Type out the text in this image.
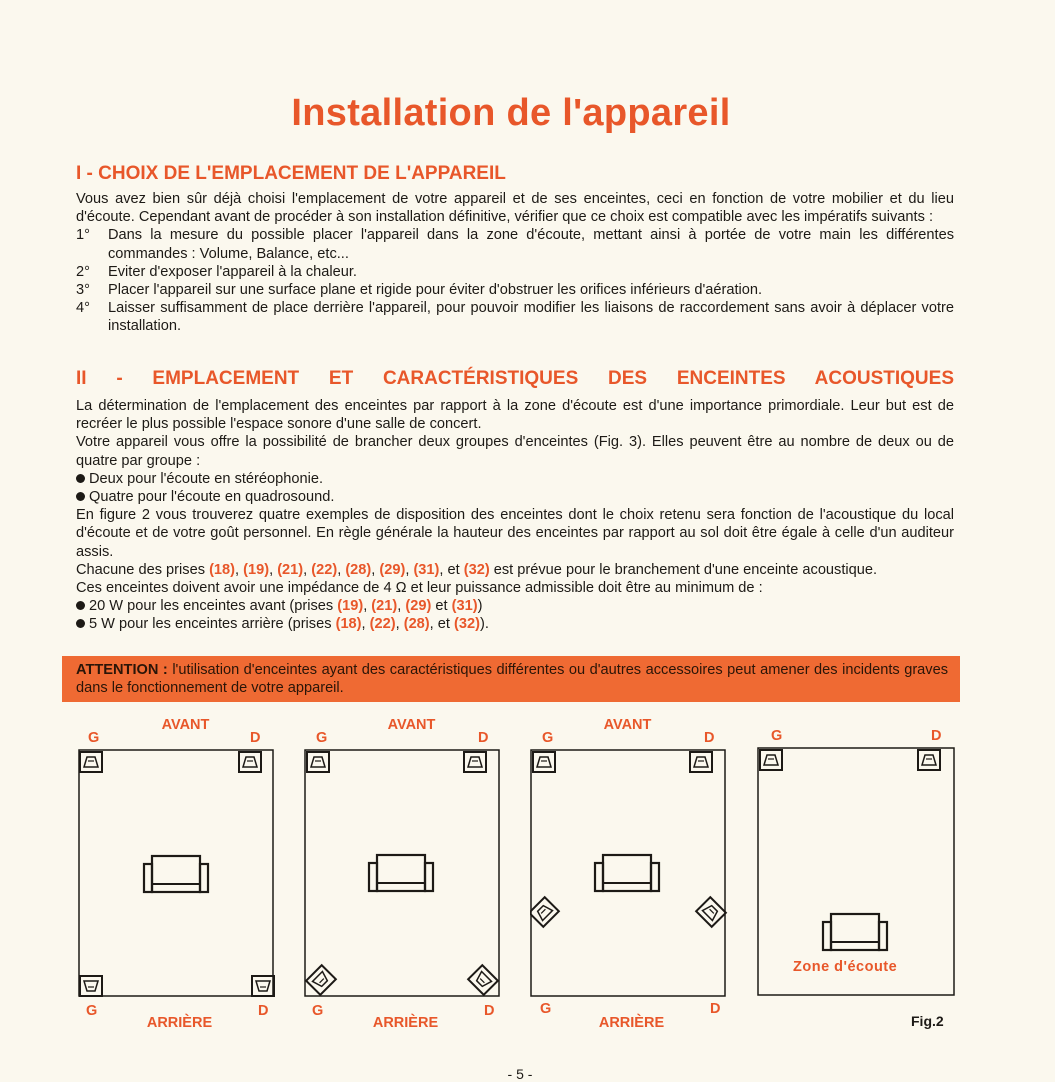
Installation de l'appareil
I - CHOIX DE L'EMPLACEMENT DE L'APPAREIL

Vous avez bien sûr déjà choisi l'emplacement de votre appareil et de ses enceintes, ceci en fonction de votre mobilier et du lieu d'écoute. Cependant avant de procéder à son installation définitive, vérifier que ce choix est compatible avec les impératifs suivants :

1°	Dans la mesure du possible placer l'appareil dans la zone d'écoute, mettant ainsi à portée de votre main les différentes commandes : Volume, Balance, etc...
2°	Eviter d'exposer l'appareil à la chaleur.
3°	Placer l'appareil sur une surface plane et rigide pour éviter d'obstruer les orifices inférieurs d'aération.
4°	Laisser suffisamment de place derrière l'appareil, pour pouvoir modifier les liaisons de raccordement sans avoir à déplacer votre installation.
II - EMPLACEMENT ET CARACTÉRISTIQUES DES ENCEINTES ACOUSTIQUES

La détermination de l'emplacement des enceintes par rapport à la zone d'écoute est d'une importance primordiale. Leur but est de recréer le plus possible l'espace sonore d'une salle de concert.

Votre appareil vous offre la possibilité de brancher deux groupes d'enceintes (Fig. 3). Elles peuvent être au nombre de deux ou de quatre par groupe :

Deux pour l'écoute en stéréophonie.

Quatre pour l'écoute en quadrosound.

En figure 2 vous trouverez quatre exemples de disposition des enceintes dont le choix retenu sera fonction de l'acoustique du local d'écoute et de votre goût personnel. En règle générale la hauteur des enceintes par rapport au sol doit être égale à celle d'un auditeur assis.

Chacune des prises (18), (19), (21), (22), (28), (29), (31), et (32) est prévue pour le branchement d'une enceinte acoustique.

Ces enceintes doivent avoir une impédance de 4 Ω et leur puissance admissible doit être au minimum de :

20 W pour les enceintes avant (prises (19), (21), (29) et (31))

5 W pour les enceintes arrière (prises (18), (22), (28), et (32)).

ATTENTION : l'utilisation d'enceintes ayant des caractéristiques différentes ou d'autres accessoires peut amener des incidents graves dans le fonctionnement de votre appareil.
AVANT
G	D
G	D
ARRIÈRE
AVANT
G	D
G	D
ARRIÈRE
AVANT
G	D
G	D
ARRIÈRE
G	D
Zone d'écoute
Fig.2
- 5 -
